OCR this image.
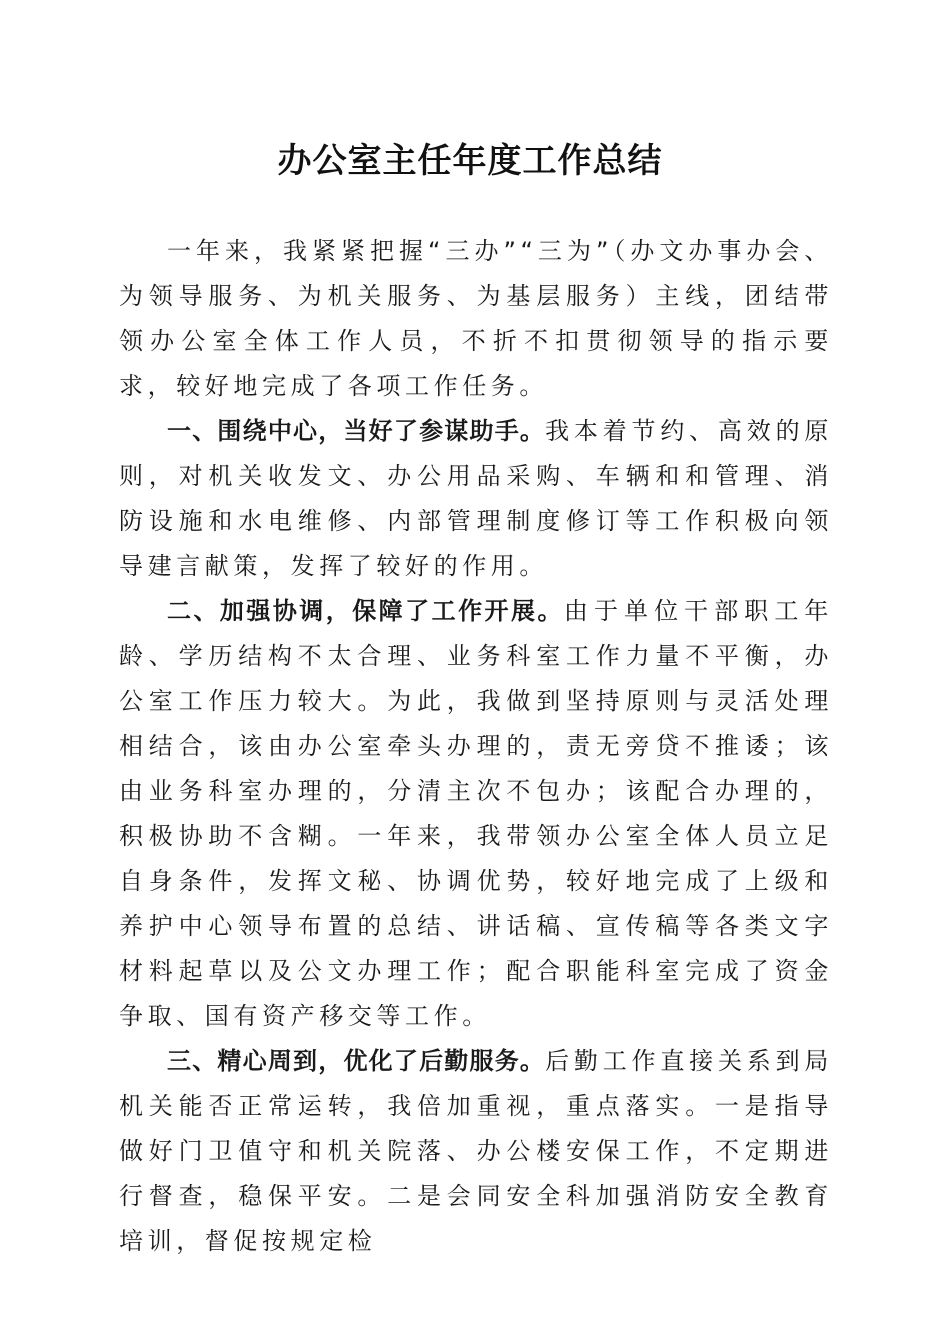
办公室主任年度工作总结

一年来，我紧紧把握“三办”“三为”（办文办事办会、为领导服务、为机关服务、为基层服务）主线，团结带领办公室全体工作人员，不折不扣贯彻领导的指示要求，较好地完成了各项工作任务。

一、围绕中心，当好了参谋助手。我本着节约、高效的原则，对机关收发文、办公用品采购、车辆和和管理、消防设施和水电维修、内部管理制度修订等工作积极向领导建言献策，发挥了较好的作用。

二、加强协调，保障了工作开展。由于单位干部职工年龄、学历结构不太合理、业务科室工作力量不平衡，办公室工作压力较大。为此，我做到坚持原则与灵活处理相结合，该由办公室牵头办理的，责无旁贷不推诿；该由业务科室办理的，分清主次不包办；该配合办理的，积极协助不含糊。一年来，我带领办公室全体人员立足自身条件，发挥文秘、协调优势，较好地完成了上级和养护中心领导布置的总结、讲话稿、宣传稿等各类文字材料起草以及公文办理工作；配合职能科室完成了资金争取、国有资产移交等工作。

三、精心周到，优化了后勤服务。后勤工作直接关系到局机关能否正常运转，我倍加重视，重点落实。一是指导做好门卫值守和机关院落、办公楼安保工作，不定期进行督查，稳保平安。二是会同安全科加强消防安全教育培训，督促按规定检
